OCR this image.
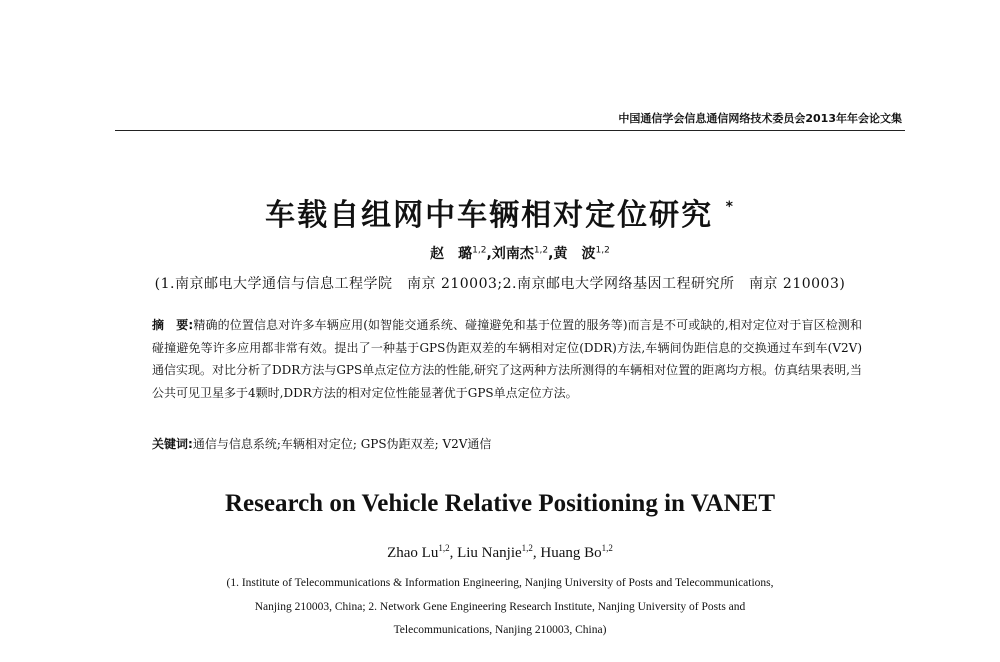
中国通信学会信息通信网络技术委员会2013年年会论文集
车载自组网中车辆相对定位研究 *
赵　璐$^{1,2}$,刘南杰$^{1,2}$,黄　波$^{1,2}$
(1.南京邮电大学通信与信息工程学院　南京 210003;2.南京邮电大学网络基因工程研究所　南京 210003)
摘　要:精确的位置信息对许多车辆应用(如智能交通系统、碰撞避免和基于位置的服务等)而言是不可或缺的,相对定位对于盲区检测和碰撞避免等许多应用都非常有效。提出了一种基于GPS伪距双差的车辆相对定位(DDR)方法,车辆间伪距信息的交换通过车到车(V2V)通信实现。对比分析了DDR方法与GPS单点定位方法的性能,研究了这两种方法所测得的车辆相对位置的距离均方根。仿真结果表明,当公共可见卫星多于4颗时,DDR方法的相对定位性能显著优于GPS单点定位方法。
关键词:通信与信息系统;车辆相对定位; GPS伪距双差; V2V通信
Research on Vehicle Relative Positioning in VANET
Zhao Lu$^{1,2}$, Liu Nanjie$^{1,2}$, Huang Bo$^{1,2}$
(1. Institute of Telecommunications & Information Engineering, Nanjing University of Posts and Telecommunications,
Nanjing 210003, China; 2. Network Gene Engineering Research Institute, Nanjing University of Posts and
Telecommunications, Nanjing 210003, China)
